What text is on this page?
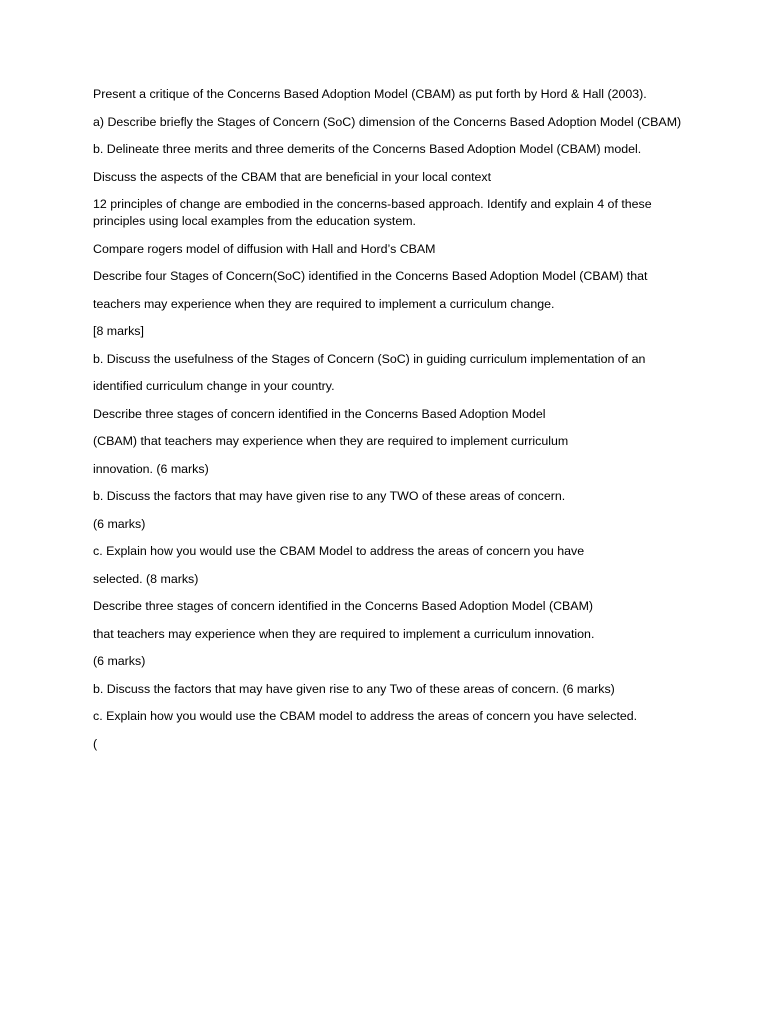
Present a critique of the Concerns Based Adoption Model (CBAM) as put forth by Hord & Hall (2003).

a) Describe briefly the Stages of Concern (SoC) dimension of the Concerns Based Adoption Model (CBAM)

b. Delineate three merits and three demerits of the Concerns Based Adoption Model (CBAM) model.

Discuss the aspects of the CBAM that are beneficial in your local context

12 principles of change are embodied in the concerns-based approach. Identify and explain 4 of these principles using local examples from the education system.

Compare rogers model of diffusion with Hall and Hord’s CBAM

Describe four Stages of Concern(SoC) identified in the Concerns Based Adoption Model (CBAM) that

teachers may experience when they are required to implement a curriculum change.

[8 marks]

b. Discuss the usefulness of the Stages of Concern (SoC) in guiding curriculum implementation of an

identified curriculum change in your country.

Describe three stages of concern identified in the Concerns Based Adoption Model

(CBAM) that teachers may experience when they are required to implement curriculum

innovation. (6 marks)

b. Discuss the factors that may have given rise to any TWO of these areas of concern.

(6 marks)

c. Explain how you would use the CBAM Model to address the areas of concern you have

selected. (8 marks)

Describe three stages of concern identified in the Concerns Based Adoption Model (CBAM)

that teachers may experience when they are required to implement a curriculum innovation.

(6 marks)

b. Discuss the factors that may have given rise to any Two of these areas of concern. (6 marks)

c. Explain how you would use the CBAM model to address the areas of concern you have selected.

(
